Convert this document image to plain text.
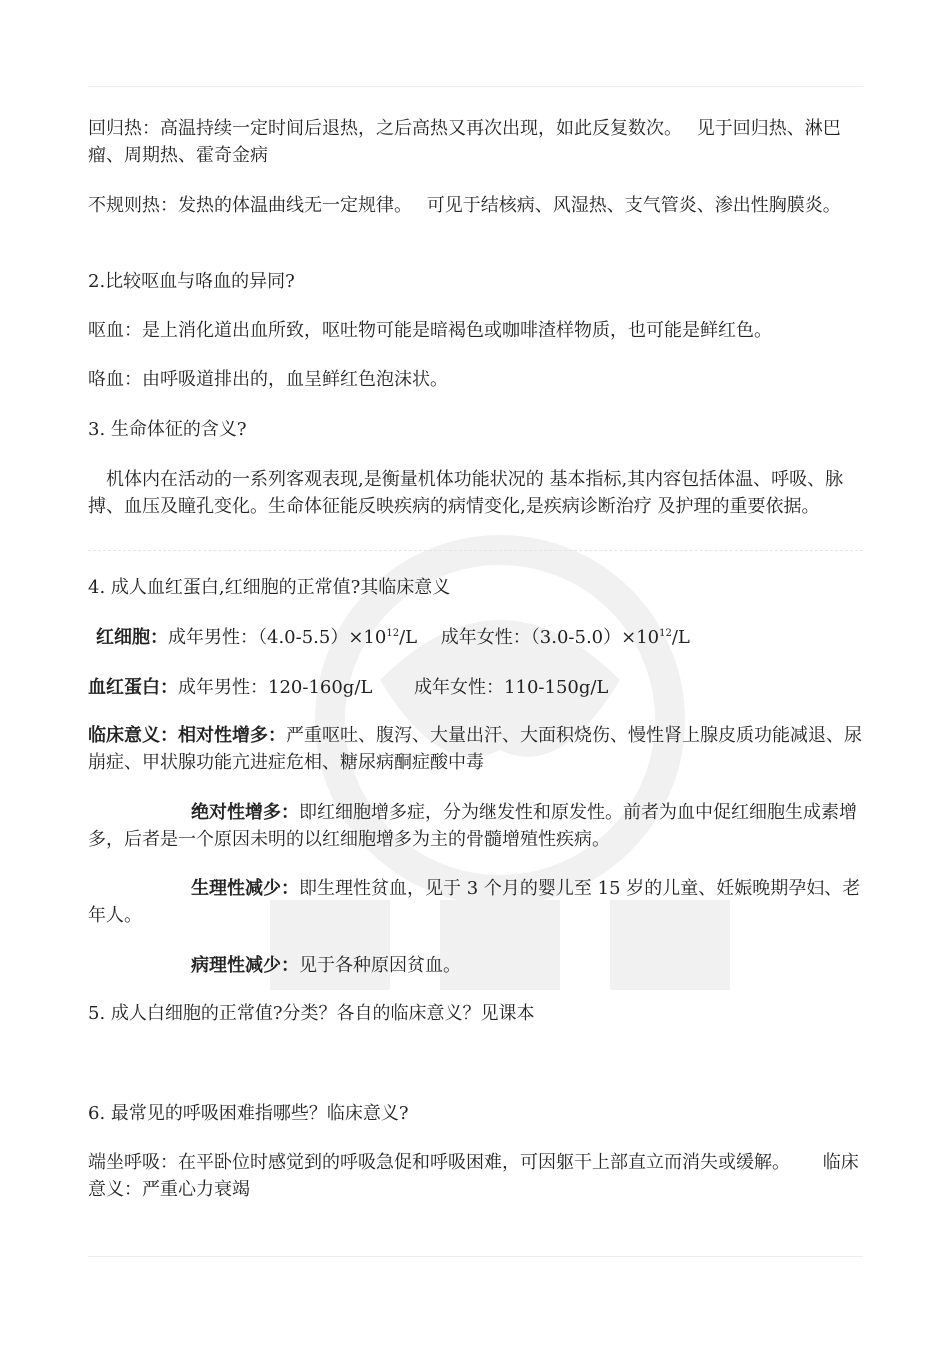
回归热：高温持续一定时间后退热，之后高热又再次出现，如此反复数次。　 见于回归热、淋巴瘤、周期热、霍奇金病

不规则热：发热的体温曲线无一定规律。　 可见于结核病、风湿热、支气管炎、渗出性胸膜炎。

2.比较呕血与咯血的异同?

呕血：是上消化道出血所致，呕吐物可能是暗褐色或咖啡渣样物质，也可能是鲜红色。

咯血：由呼吸道排出的，血呈鲜红色泡沫状。

3. 生命体征的含义?

机体内在活动的一系列客观表现,是衡量机体功能状况的 基本指标,其内容包括体温、呼吸、脉 搏、血压及瞳孔变化。生命体征能反映疾病的病情变化,是疾病诊断治疗 及护理的重要依据。

4. 成人血红蛋白,红细胞的正常值?其临床意义

红细胞：成年男性：$(4.0-5.5)\times 10^{12}/L$　 成年女性：$(3.0-5.0)\times 10^{12}/L$

血红蛋白：成年男性：120-160g/L　　 成年女性：110-150g/L

临床意义：相对性增多：严重呕吐、腹泻、大量出汗、大面积烧伤、慢性肾上腺皮质功能减退、尿崩症、甲状腺功能亢进症危相、糖尿病酮症酸中毒

绝对性增多：即红细胞增多症，分为继发性和原发性。前者为血中促红细胞生成素增多，后者是一个原因未明的以红细胞增多为主的骨髓增殖性疾病。

生理性减少：即生理性贫血，见于 3 个月的婴儿至 15 岁的儿童、妊娠晚期孕妇、老年人。

病理性减少：见于各种原因贫血。

5. 成人白细胞的正常值?分类？各自的临床意义？见课本

6. 最常见的呼吸困难指哪些？临床意义?

端坐呼吸：在平卧位时感觉到的呼吸急促和呼吸困难，可因躯干上部直立而消失或缓解。　　 临床意义：严重心力衰竭
